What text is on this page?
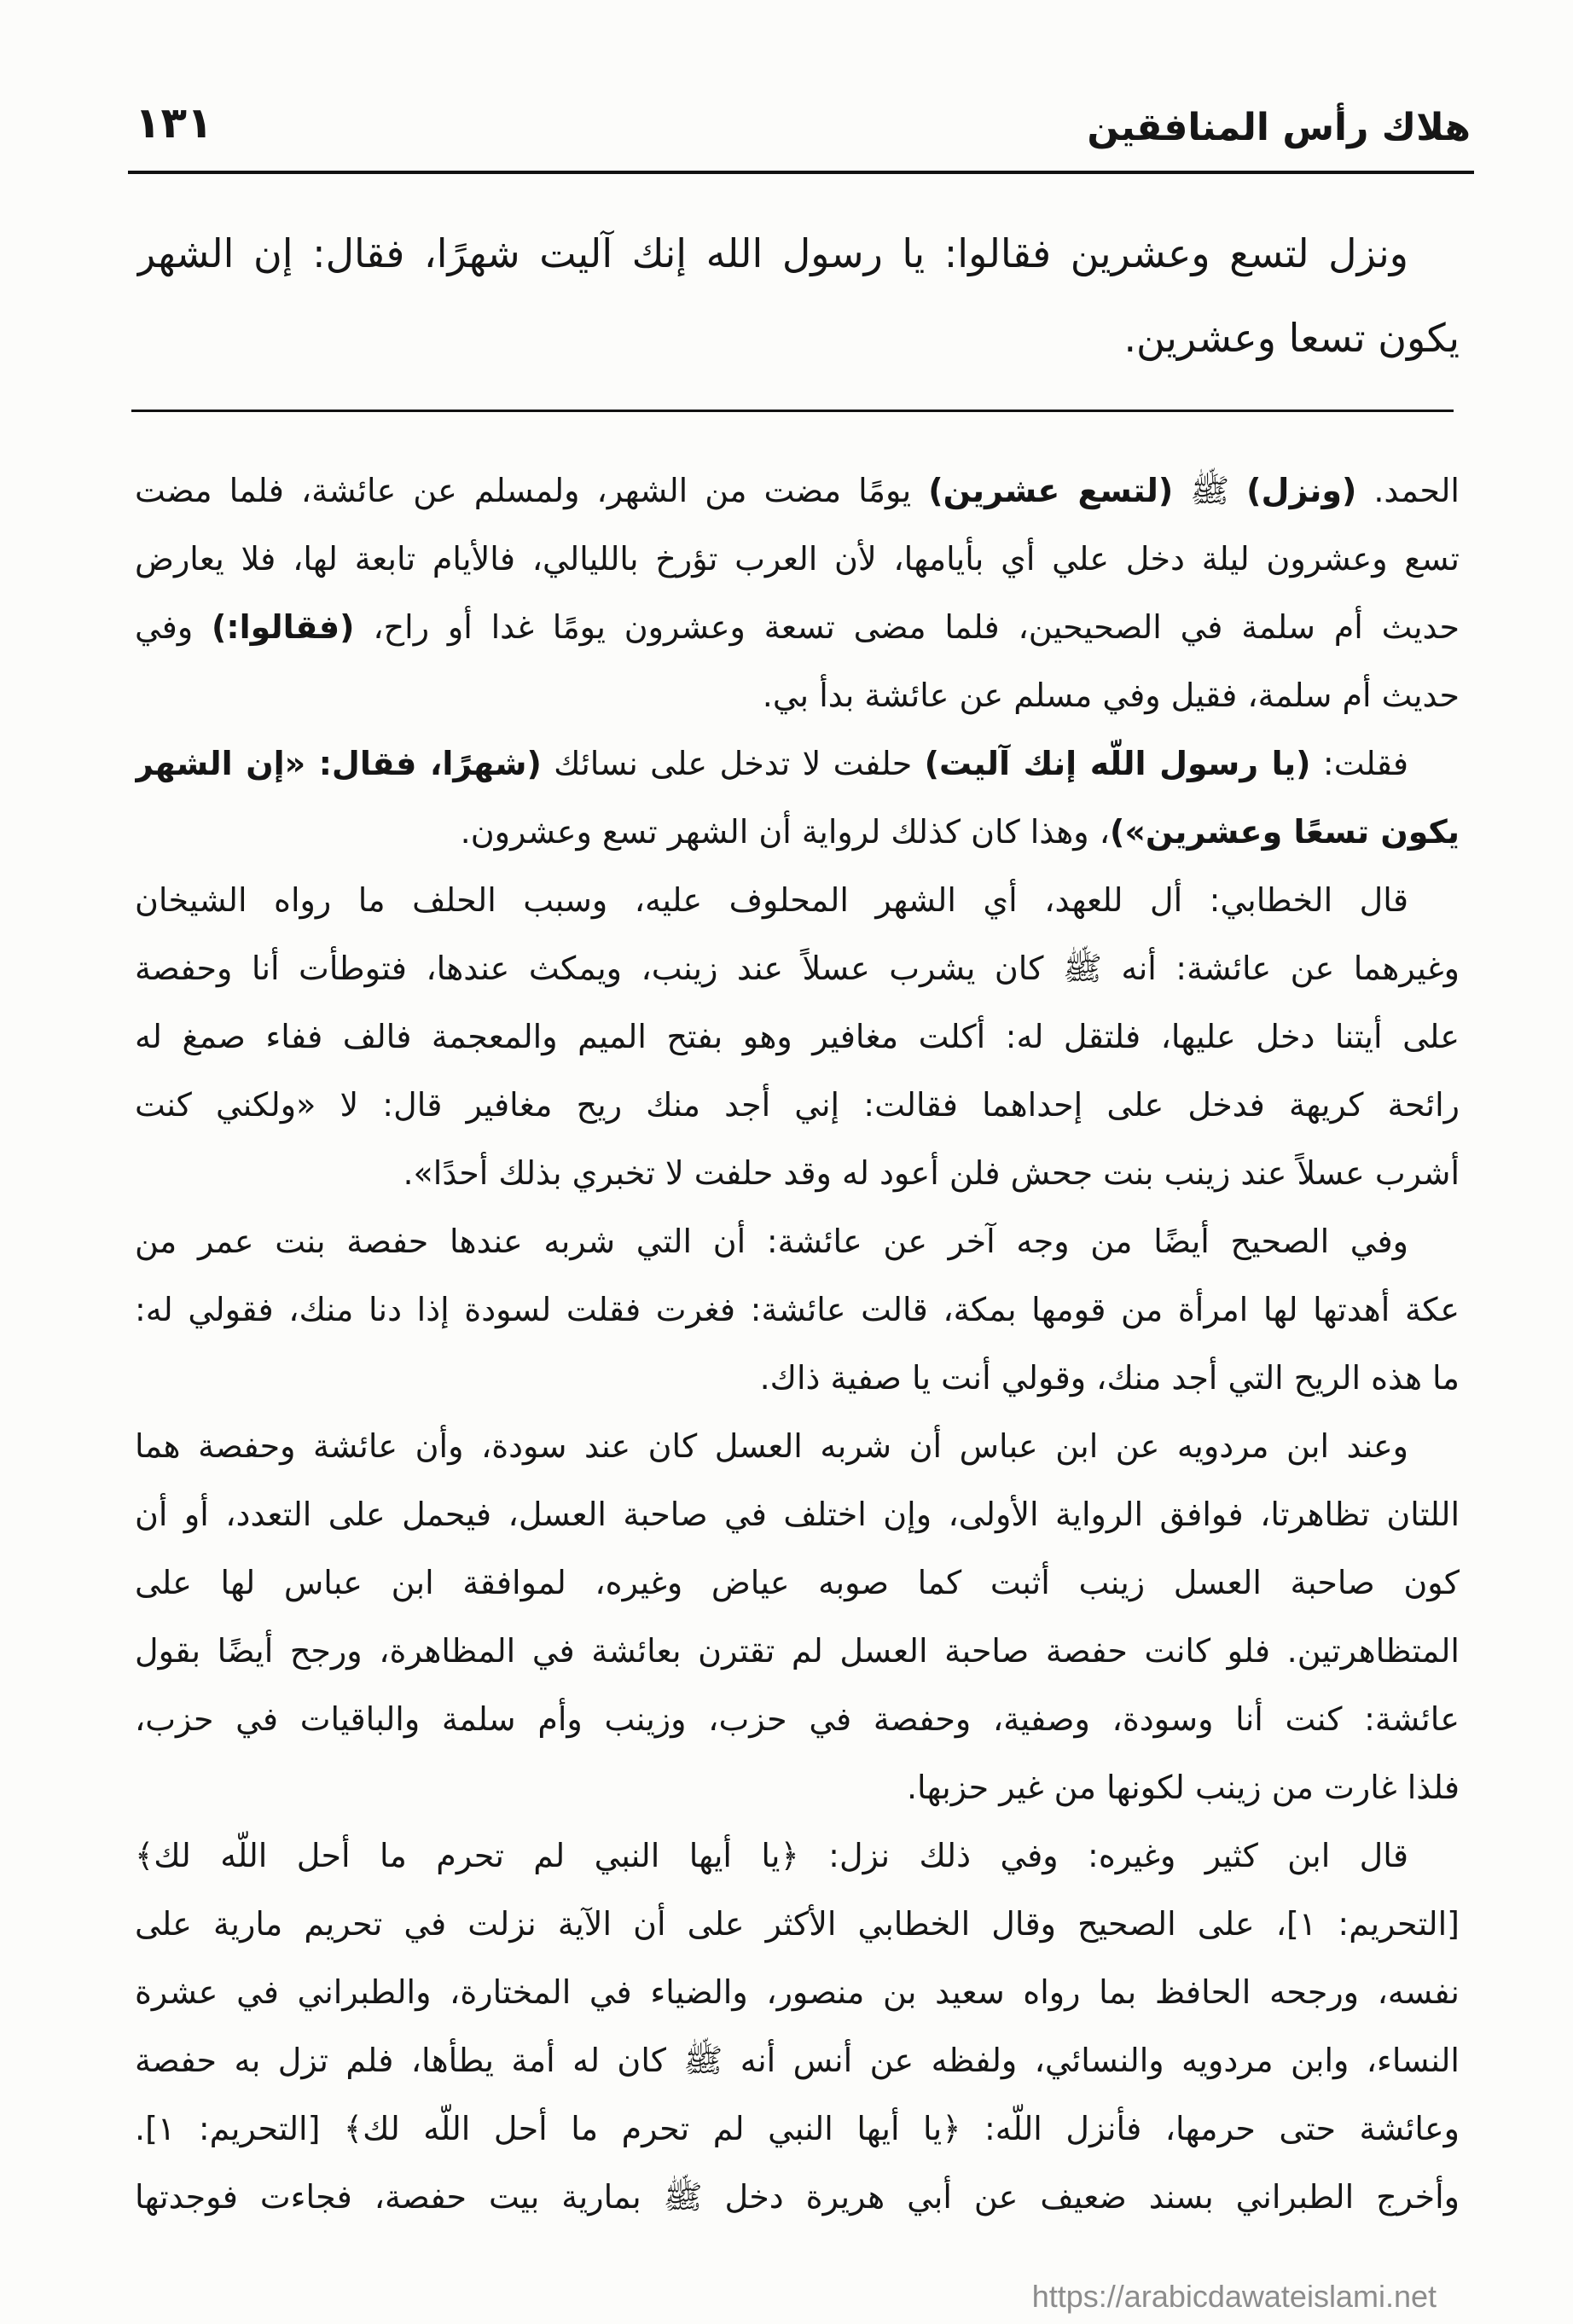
هلاك رأس المنافقين
١٣١
ونزل لتسع وعشرين فقالوا: يا رسول الله إنك آليت شهرًا، فقال: إن الشهر
يكون تسعا وعشرين.
الحمد. (ونزل) ﷺ (لتسع عشرين) يومًا مضت من الشهر، ولمسلم عن عائشة، فلما مضت
تسع وعشرون ليلة دخل علي أي بأيامها، لأن العرب تؤرخ بالليالي، فالأيام تابعة لها، فلا يعارض
حديث أم سلمة في الصحيحين، فلما مضى تسعة وعشرون يومًا غدا أو راح، (فقالوا:) وفي
حديث أم سلمة، فقيل وفي مسلم عن عائشة بدأ بي.
فقلت: (يا رسول اللّه إنك آليت) حلفت لا تدخل على نسائك (شهرًا، فقال: «إن الشهر
يكون تسعًا وعشرين»)، وهذا كان كذلك لرواية أن الشهر تسع وعشرون.
قال الخطابي: أل للعهد، أي الشهر المحلوف عليه، وسبب الحلف ما رواه الشيخان
وغيرهما عن عائشة: أنه ﷺ كان يشرب عسلاً عند زينب، ويمكث عندها، فتوطأت أنا وحفصة
على أيتنا دخل عليها، فلتقل له: أكلت مغافير وهو بفتح الميم والمعجمة فالف ففاء صمغ له
رائحة كريهة فدخل على إحداهما فقالت: إني أجد منك ريح مغافير قال: لا «ولكني كنت
أشرب عسلاً عند زينب بنت جحش فلن أعود له وقد حلفت لا تخبري بذلك أحدًا».
وفي الصحيح أيضًا من وجه آخر عن عائشة: أن التي شربه عندها حفصة بنت عمر من
عكة أهدتها لها امرأة من قومها بمكة، قالت عائشة: فغرت فقلت لسودة إذا دنا منك، فقولي له:
ما هذه الريح التي أجد منك، وقولي أنت يا صفية ذاك.
وعند ابن مردويه عن ابن عباس أن شربه العسل كان عند سودة، وأن عائشة وحفصة هما
اللتان تظاهرتا، فوافق الرواية الأولى، وإن اختلف في صاحبة العسل، فيحمل على التعدد، أو أن
كون صاحبة العسل زينب أثبت كما صوبه عياض وغيره، لموافقة ابن عباس لها على
المتظاهرتين. فلو كانت حفصة صاحبة العسل لم تقترن بعائشة في المظاهرة، ورجح أيضًا بقول
عائشة: كنت أنا وسودة، وصفية، وحفصة في حزب، وزينب وأم سلمة والباقيات في حزب،
فلذا غارت من زينب لكونها من غير حزبها.
قال ابن كثير وغيره: وفي ذلك نزل: ﴿يا أيها النبي لم تحرم ما أحل اللّه لك﴾
[التحريم: ١]، على الصحيح وقال الخطابي الأكثر على أن الآية نزلت في تحريم مارية على
نفسه، ورجحه الحافظ بما رواه سعيد بن منصور، والضياء في المختارة، والطبراني في عشرة
النساء، وابن مردويه والنسائي، ولفظه عن أنس أنه ﷺ كان له أمة يطأها، فلم تزل به حفصة
وعائشة حتى حرمها، فأنزل اللّه: ﴿يا أيها النبي لم تحرم ما أحل اللّه لك﴾ [التحريم: ١].
وأخرج الطبراني بسند ضعيف عن أبي هريرة دخل ﷺ بمارية بيت حفصة، فجاءت فوجدتها
https://arabicdawateislami.net
